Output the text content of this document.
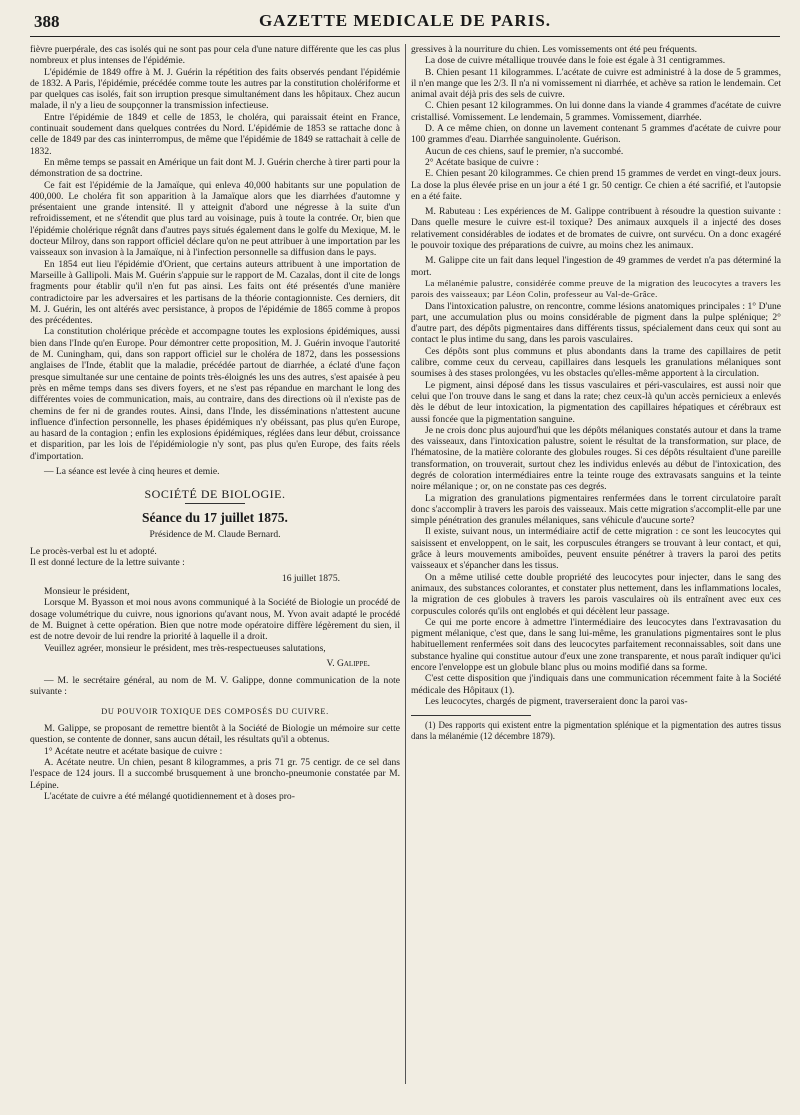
388	GAZETTE MEDICALE DE PARIS.

fièvre puerpérale, des cas isolés qui ne sont pas pour cela d'une nature différente que les cas plus nombreux et plus intenses de l'épidémie.

L'épidémie de 1849 offre à M. J. Guérin la répétition des faits observés pendant l'épidémie de 1832. A Paris, l'épidémie, précédée comme toute les autres par la constitution cholériforme et par quelques cas isolés, fait son irruption presque simultanément dans les hôpitaux. Chez aucun malade, il n'y a lieu de soupçonner la transmission infectieuse.

Entre l'épidémie de 1849 et celle de 1853, le choléra, qui paraissait éteint en France, continuait soudement dans quelques contrées du Nord. L'épidémie de 1853 se rattache donc à celle de 1849 par des cas ininterrompus, de même que l'épidémie de 1849 se rattachait à celle de 1832.

En même temps se passait en Amérique un fait dont M. J. Guérin cherche à tirer parti pour la démonstration de sa doctrine.

Ce fait est l'épidémie de la Jamaïque, qui enleva 40,000 habitants sur une population de 400,000. Le choléra fit son apparition à la Jamaïque alors que les diarrhées d'automne y présentaient une grande intensité. Il y atteignit d'abord une négresse à la suite d'un refroidissement, et ne s'étendit que plus tard au voisinage, puis à toute la contrée. Or, bien que l'épidémie cholérique régnât dans d'autres pays situés également dans le golfe du Mexique, M. le docteur Milroy, dans son rapport officiel déclare qu'on ne peut attribuer à une importation par les vaisseaux son invasion à la Jamaïque, ni à l'infection personnelle sa diffusion dans le pays.

En 1854 eut lieu l'épidémie d'Orient, que certains auteurs attribuent à une importation de Marseille à Gallipoli. Mais M. Guérin s'appuie sur le rapport de M. Cazalas, dont il cite de longs fragments pour établir qu'il n'en fut pas ainsi. Les faits ont été présentés d'une manière contradictoire par les adversaires et les partisans de la théorie contagionniste. Ces derniers, dit M. J. Guérin, les ont altérés avec persistance, à propos de l'épidémie de 1865 comme à propos des précédentes.

La constitution cholérique précède et accompagne toutes les explosions épidémiques, aussi bien dans l'Inde qu'en Europe. Pour démontrer cette proposition, M. J. Guérin invoque l'autorité de M. Cuningham, qui, dans son rapport officiel sur le choléra de 1872, dans les possessions anglaises de l'Inde, établit que la maladie, précédée partout de diarrhée, a éclaté d'une façon presque simultanée sur une centaine de points très-éloignés les uns des autres, s'est apaisée à peu près en même temps dans ses divers foyers, et ne s'est pas répandue en marchant le long des différentes voies de communication, mais, au contraire, dans des directions où il n'existe pas de chemins de fer ni de grandes routes. Ainsi, dans l'Inde, les disséminations n'attestent aucune influence d'infection personnelle, les phases épidémiques n'y obéissant, pas plus qu'en Europe, au hasard de la contagion ; enfin les explosions épidémiques, réglées dans leur début, croissance et disparition, par les lois de l'épidémiologie n'y sont, pas plus qu'en Europe, des faits réels d'importation.

— La séance est levée à cinq heures et demie.

SOCIÉTÉ DE BIOLOGIE.
Séance du 17 juillet 1875.
Présidence de M. Claude Bernard.

Le procès-verbal est lu et adopté.

Il est donné lecture de la lettre suivante :

16 juillet 1875.

Monsieur le président,

Lorsque M. Byasson et moi nous avons communiqué à la Société de Biologie un procédé de dosage volumétrique du cuivre, nous ignorions qu'avant nous, M. Yvon avait adapté le procédé de M. Buignet à cette opération. Bien que notre mode opératoire diffère légèrement du sien, il est de notre devoir de lui rendre la priorité à laquelle il a droit.

Veuillez agréer, monsieur le président, mes très-respectueuses salutations,

V. Galippe.

— M. le secrétaire général, au nom de M. V. Galippe, donne communication de la note suivante :

DU POUVOIR TOXIQUE DES COMPOSÉS DU CUIVRE.

M. Galippe, se proposant de remettre bientôt à la Société de Biologie un mémoire sur cette question, se contente de donner, sans aucun détail, les résultats qu'il a obtenus.

1° Acétate neutre et acétate basique de cuivre :

A. Acétate neutre. Un chien, pesant 8 kilogrammes, a pris 71 gr. 75 centigr. de ce sel dans l'espace de 124 jours. Il a succombé brusquement à une broncho-pneumonie constatée par M. Lépine.

L'acétate de cuivre a été mélangé quotidiennement et à doses pro-

gressives à la nourriture du chien. Les vomissements ont été peu fréquents.

La dose de cuivre métallique trouvée dans le foie est égale à 31 centigrammes.

B. Chien pesant 11 kilogrammes. L'acétate de cuivre est administré à la dose de 5 grammes, il n'en mange que les 2/3. Il n'a ni vomissement ni diarrhée, et achève sa ration le lendemain. Cet animal avait déjà pris des sels de cuivre.

C. Chien pesant 12 kilogrammes. On lui donne dans la viande 4 grammes d'acétate de cuivre cristallisé. Vomissement. Le lendemain, 5 grammes. Vomissement, diarrhée.

D. A ce même chien, on donne un lavement contenant 5 grammes d'acétate de cuivre pour 100 grammes d'eau. Diarrhée sanguinolente. Guérison.

Aucun de ces chiens, sauf le premier, n'a succombé.

2° Acétate basique de cuivre :

E. Chien pesant 20 kilogrammes. Ce chien prend 15 grammes de verdet en vingt-deux jours. La dose la plus élevée prise en un jour a été 1 gr. 50 centigr. Ce chien a été sacrifié, et l'autopsie en a été faite.

M. Rabuteau : Les expériences de M. Galippe contribuent à résoudre la question suivante : Dans quelle mesure le cuivre est-il toxique? Des animaux auxquels il a injecté des doses relativement considérables de iodates et de bromates de cuivre, ont survécu. On a donc exagéré le pouvoir toxique des préparations de cuivre, au moins chez les animaux.

M. Galippe cite un fait dans lequel l'ingestion de 49 grammes de verdet n'a pas déterminé la mort.

La mélanémie palustre, considérée comme preuve de la migration des leucocytes a travers les parois des vaisseaux; par Léon Colin, professeur au Val-de-Grâce.

Dans l'intoxication palustre, on rencontre, comme lésions anatomiques principales : 1° D'une part, une accumulation plus ou moins considérable de pigment dans la pulpe splénique; 2° d'autre part, des dépôts pigmentaires dans différents tissus, spécialement dans ceux qui sont au contact le plus intime du sang, dans les parois vasculaires.

Ces dépôts sont plus communs et plus abondants dans la trame des capillaires de petit calibre, comme ceux du cerveau, capillaires dans lesquels les granulations mélaniques sont soumises à des stases prolongées, vu les obstacles qu'elles-même apportent à la circulation.

Le pigment, ainsi déposé dans les tissus vasculaires et péri-vasculaires, est aussi noir que celui que l'on trouve dans le sang et dans la rate; chez ceux-là qu'un accès pernicieux a enlevés dès le début de leur intoxication, la pigmentation des capillaires hépatiques et cérébraux est aussi foncée que la pigmentation sanguine.

Je ne crois donc plus aujourd'hui que les dépôts mélaniques constatés autour et dans la trame des vaisseaux, dans l'intoxication palustre, soient le résultat de la transformation, sur place, de l'hématosine, de la matière colorante des globules rouges. Si ces dépôts résultaient d'une pareille transformation, on trouverait, surtout chez les individus enlevés au début de l'intoxication, des degrés de coloration intermédiaires entre la teinte rouge des extravasats sanguins et la teinte noire mélanique ; or, on ne constate pas ces degrés.

La migration des granulations pigmentaires renfermées dans le torrent circulatoire paraît donc s'accomplir à travers les parois des vaisseaux. Mais cette migration s'accomplit-elle par une simple pénétration des granules mélaniques, sans véhicule d'aucune sorte?

Il existe, suivant nous, un intermédiaire actif de cette migration : ce sont les leucocytes qui saisissent et enveloppent, on le sait, les corpuscules étrangers se trouvant à leur contact, et qui, grâce à leurs mouvements amiboïdes, peuvent ensuite pénétrer à travers la paroi des petits vaisseaux et s'épancher dans les tissus.

On a même utilisé cette double propriété des leucocytes pour injecter, dans le sang des animaux, des substances colorantes, et constater plus nettement, dans les inflammations locales, la migration de ces globules à travers les parois vasculaires où ils entraînent avec eux ces corpuscules colorés qu'ils ont englobés et qui décèlent leur passage.

Ce qui me porte encore à admettre l'intermédiaire des leucocytes dans l'extravasation du pigment mélanique, c'est que, dans le sang lui-même, les granulations pigmentaires sont le plus habituellement renfermées soit dans des leucocytes parfaitement reconnaissables, soit dans une substance hyaline qui constitue autour d'eux une zone transparente, et nous paraît indiquer qu'ici encore l'enveloppe est un globule blanc plus ou moins modifié dans sa forme.

C'est cette disposition que j'indiquais dans une communication récemment faite à la Société médicale des Hôpitaux (1).

Les leucocytes, chargés de pigment, traverseraient donc la paroi vas-

(1) Des rapports qui existent entre la pigmentation splénique et la pigmentation des autres tissus dans la mélanémie (12 décembre 1879).
